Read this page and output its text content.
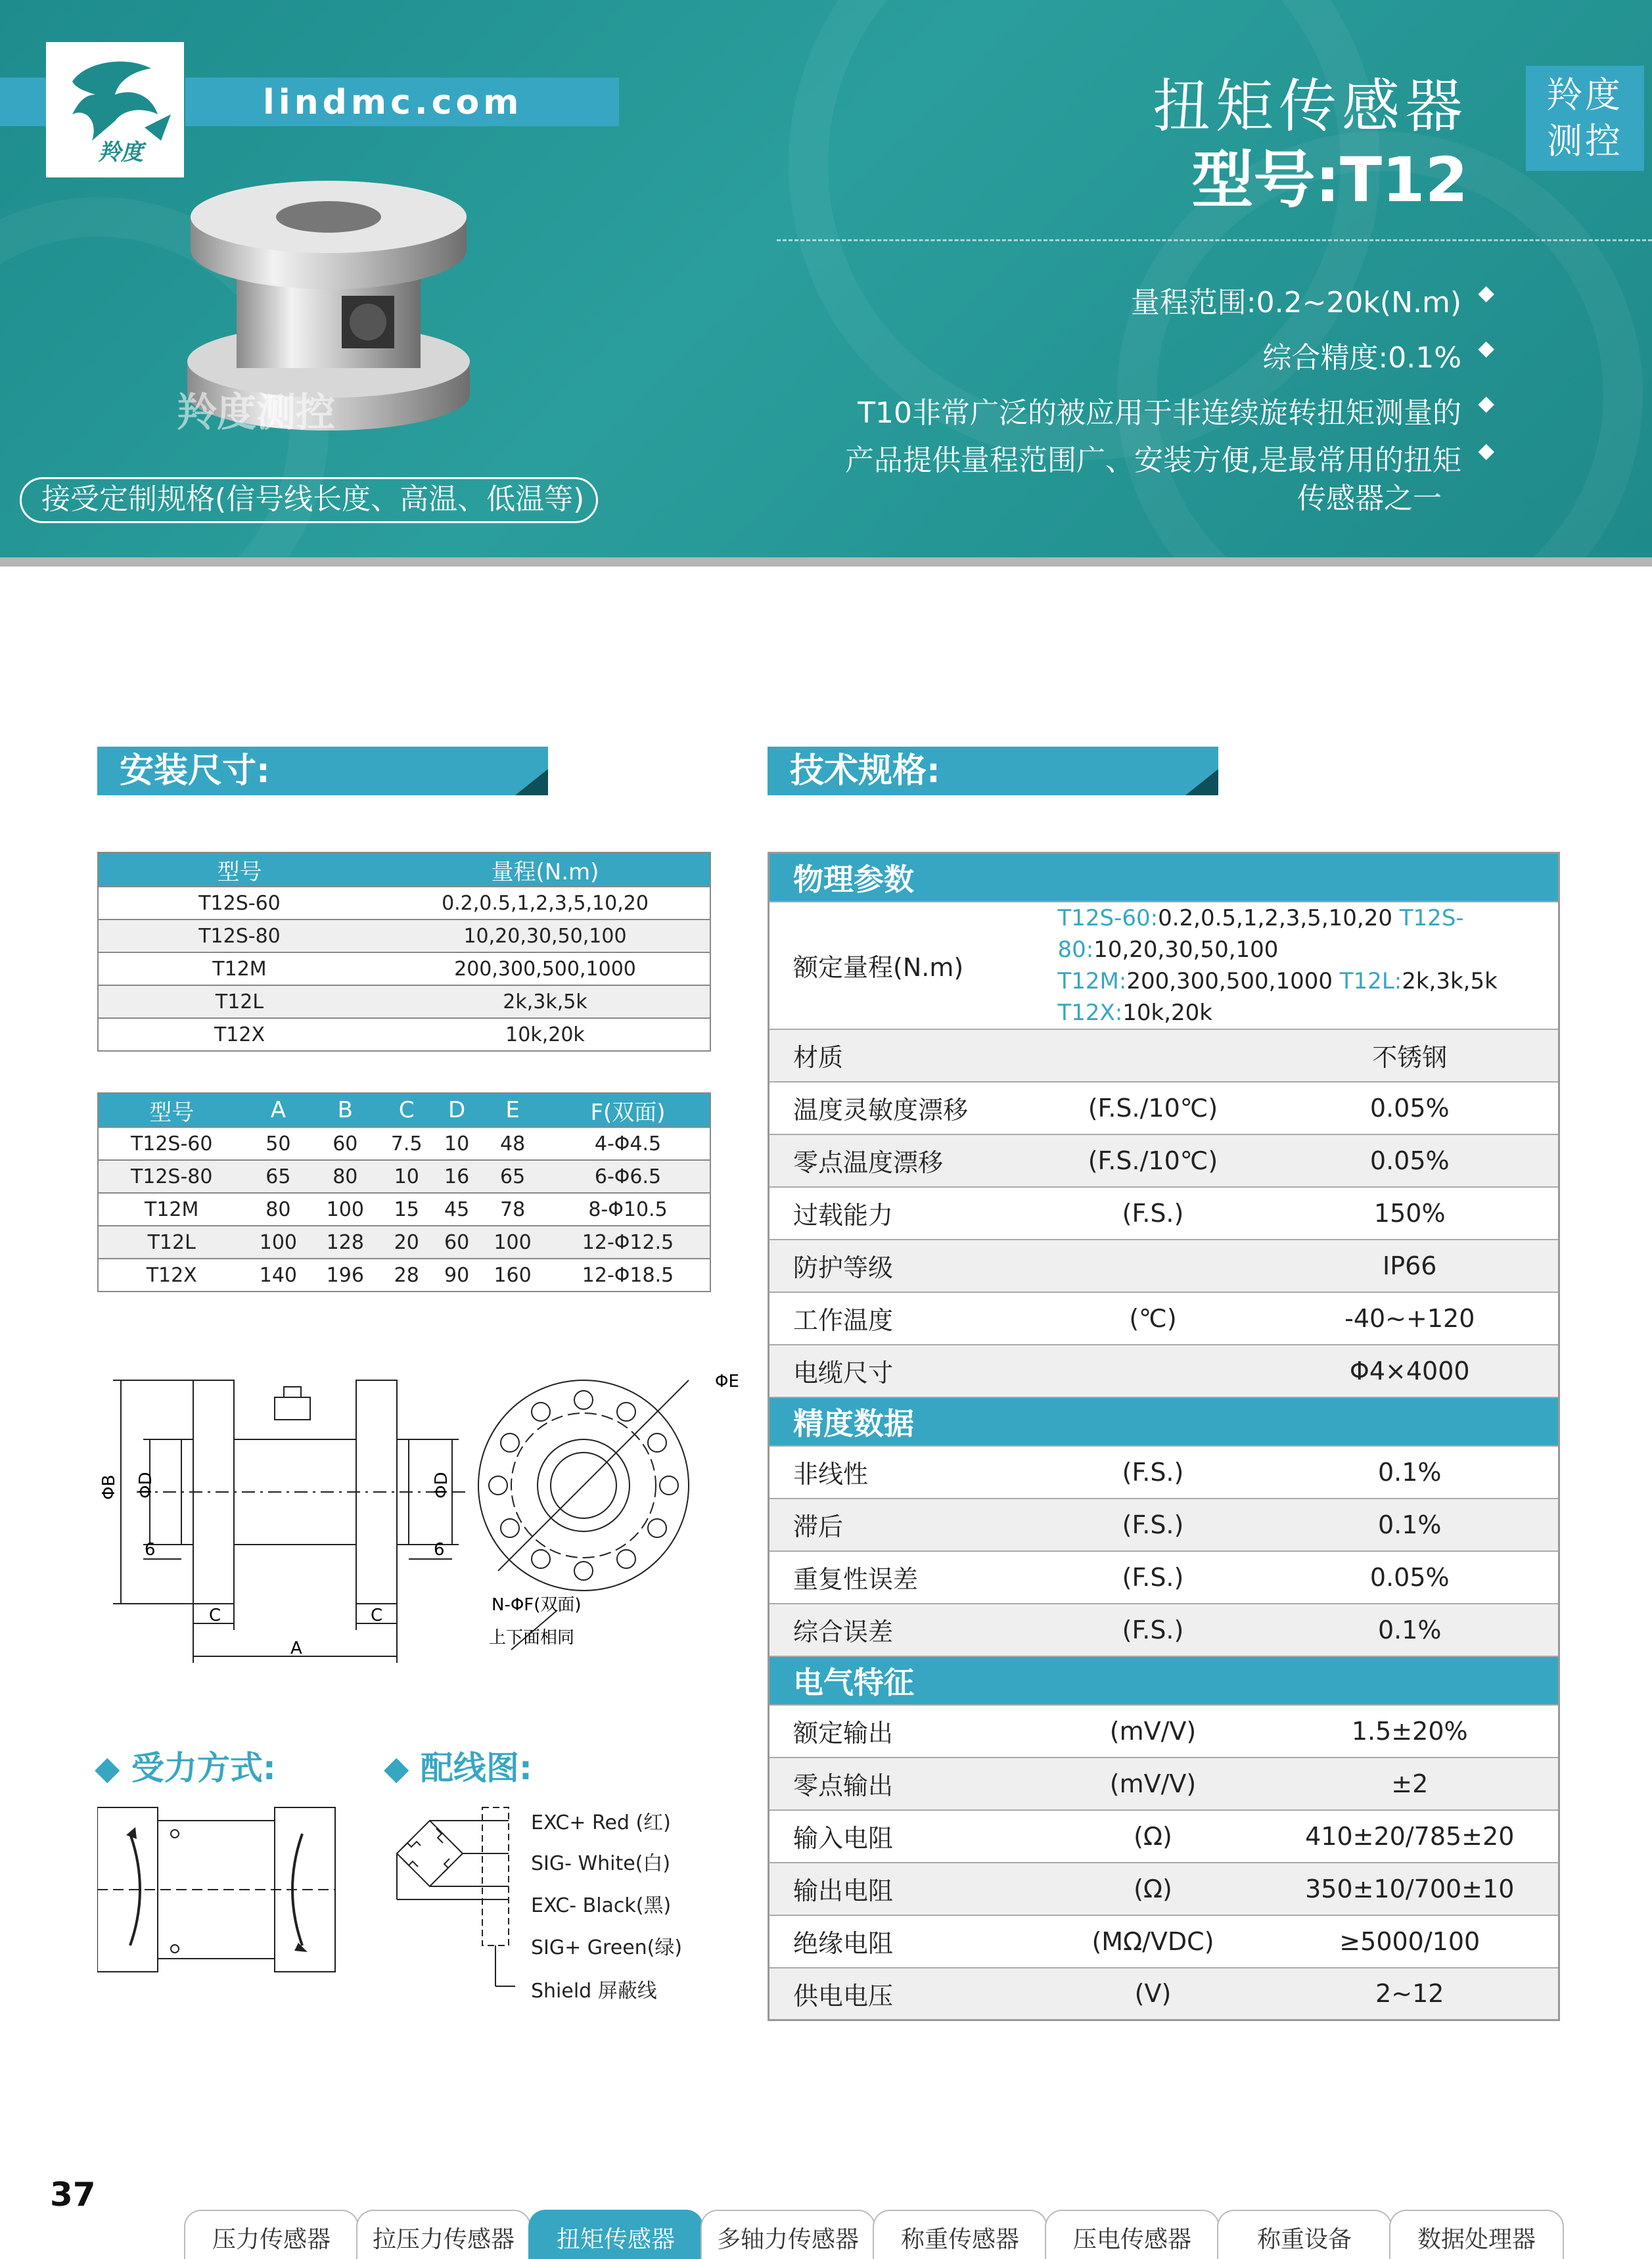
羚度
lindmc.com
羚度测控
扭矩传感器
型号:T12
羚度
测控
量程范围:0.2~20k(N.m) ◆
综合精度:0.1% ◆
T10非常广泛的被应用于非连续旋转扭矩测量的 ◆
产品提供量程范围广、安装方便,是最常用的扭矩 ◆
传感器之一
接受定制规格(信号线长度、高温、低温等)
安装尺寸:
型号	量程(N.m)
T12S-60	0.2,0.5,1,2,3,5,10,20
T12S-80	10,20,30,50,100
T12M	200,300,500,1000
T12L	2k,3k,5k
T12X	10k,20k
型号	A	B	C	D	E	F(双面)
T12S-60	50	60	7.5	10	48	4-Φ4.5
T12S-80	65	80	10	16	65	6-Φ6.5
T12M	80	100	15	45	78	8-Φ10.5
T12L	100	128	20	60	100	12-Φ12.5
T12X	140	196	28	90	160	12-Φ18.5
ΦB ΦD	ΦD
6	6
C	C
A
ΦE
N-ΦF(双面)
上下面相同
◆ 受力方式:	◆ 配线图:
EXC+ Red (红)
SIG- White(白)
EXC- Black(黑)
SIG+ Green(绿)
Shield 屏蔽线
技术规格:
物理参数		
额定量程(N.m)	T12S-60:0.2,0.5,1,2,3,5,10,20 T12S-80:10,20,30,50,100
T12M:200,300,500,1000 T12L:2k,3k,5k T12X:10k,20k	
材质		不锈钢
温度灵敏度漂移	(F.S./10℃)	0.05%
零点温度漂移	(F.S./10℃)	0.05%
过载能力	(F.S.)	150%
防护等级		IP66
工作温度	(℃)	-40~+120
电缆尺寸		Φ4×4000
精度数据		
非线性	(F.S.)	0.1%
滞后	(F.S.)	0.1%
重复性误差	(F.S.)	0.05%
综合误差	(F.S.)	0.1%
电气特征		
额定输出	(mV/V)	1.5±20%
零点输出	(mV/V)	±2
输入电阻	(Ω)	410±20/785±20
输出电阻	(Ω)	350±10/700±10
绝缘电阻	(MΩ/VDC)	≥5000/100
供电电压	(V)	2~12
37
压力传感器	拉压力传感器	扭矩传感器	多轴力传感器	称重传感器	压电传感器	称重设备	数据处理器
